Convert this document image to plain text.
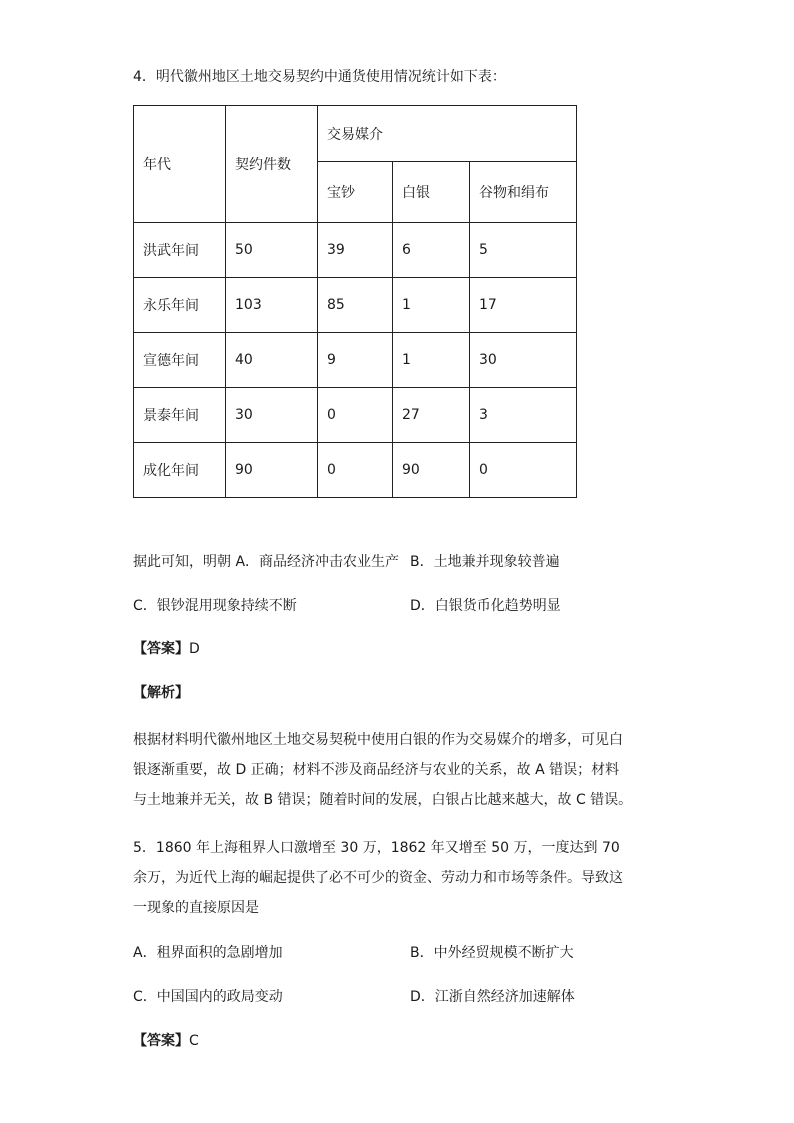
4．明代徽州地区土地交易契约中通货使用情况统计如下表：
年代	契约件数	交易媒介		
		宝钞	白银	谷物和绢布
洪武年间	50	39	6	5
永乐年间	103	85	1	17
宣德年间	40	9	1	30
景泰年间	30	0	27	3
成化年间	90	0	90	0
据此可知，明朝 A．商品经济冲击农业生产 B．土地兼并现象较普遍
C．银钞混用现象持续不断	D．白银货币化趋势明显
【答案】D
【解析】
根据材料明代徽州地区土地交易契税中使用白银的作为交易媒介的增多，可见白银逐渐重要，故 D 正确；材料不涉及商品经济与农业的关系，故 A 错误；材料与土地兼并无关，故 B 错误；随着时间的发展，白银占比越来越大，故 C 错误。
5．1860 年上海租界人口激增至 30 万，1862 年又增至 50 万，一度达到 70 余万，为近代上海的崛起提供了必不可少的资金、劳动力和市场等条件。导致这一现象的直接原因是
A．租界面积的急剧增加	B．中外经贸规模不断扩大
C．中国国内的政局变动	D．江浙自然经济加速解体
【答案】C
